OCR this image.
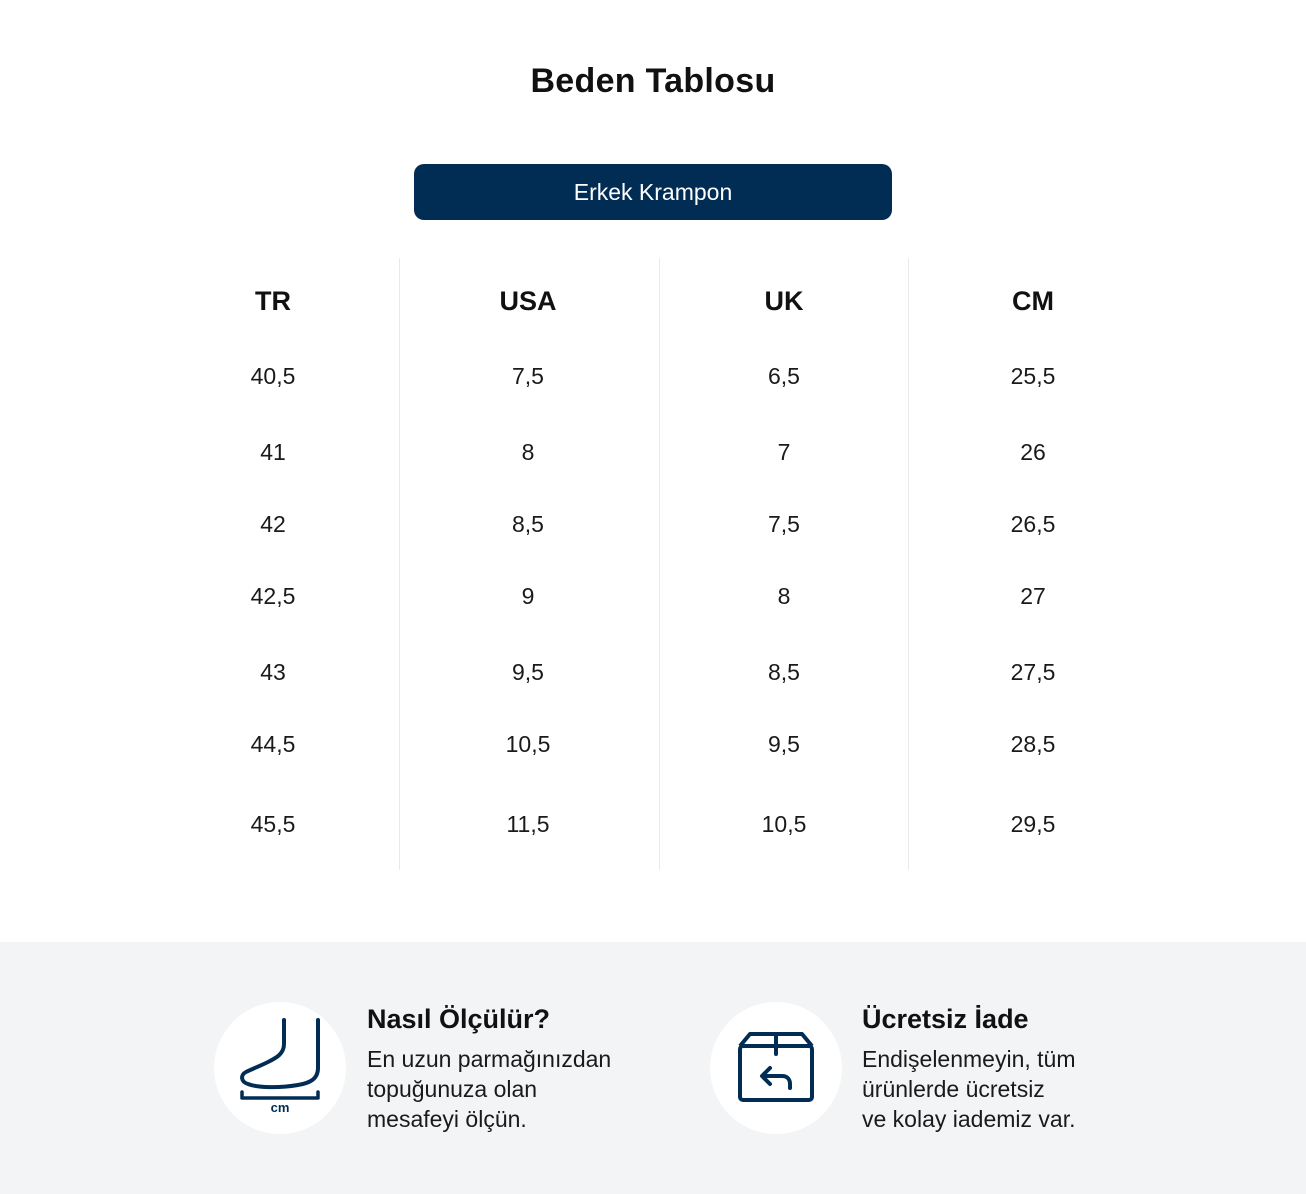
Beden Tablosu
Erkek Krampon
TR	USA	UK	CM
40,5	7,5	6,5	25,5
41	8	7	26
42	8,5	7,5	26,5
42,5	9	8	27
43	9,5	8,5	27,5
44,5	10,5	9,5	28,5
45,5	11,5	10,5	29,5
cm
Nasıl Ölçülür?
En uzun parmağınızdan
topuğunuza olan
mesafeyi ölçün.
Ücretsiz İade
Endişelenmeyin, tüm
ürünlerde ücretsiz
ve kolay iademiz var.
